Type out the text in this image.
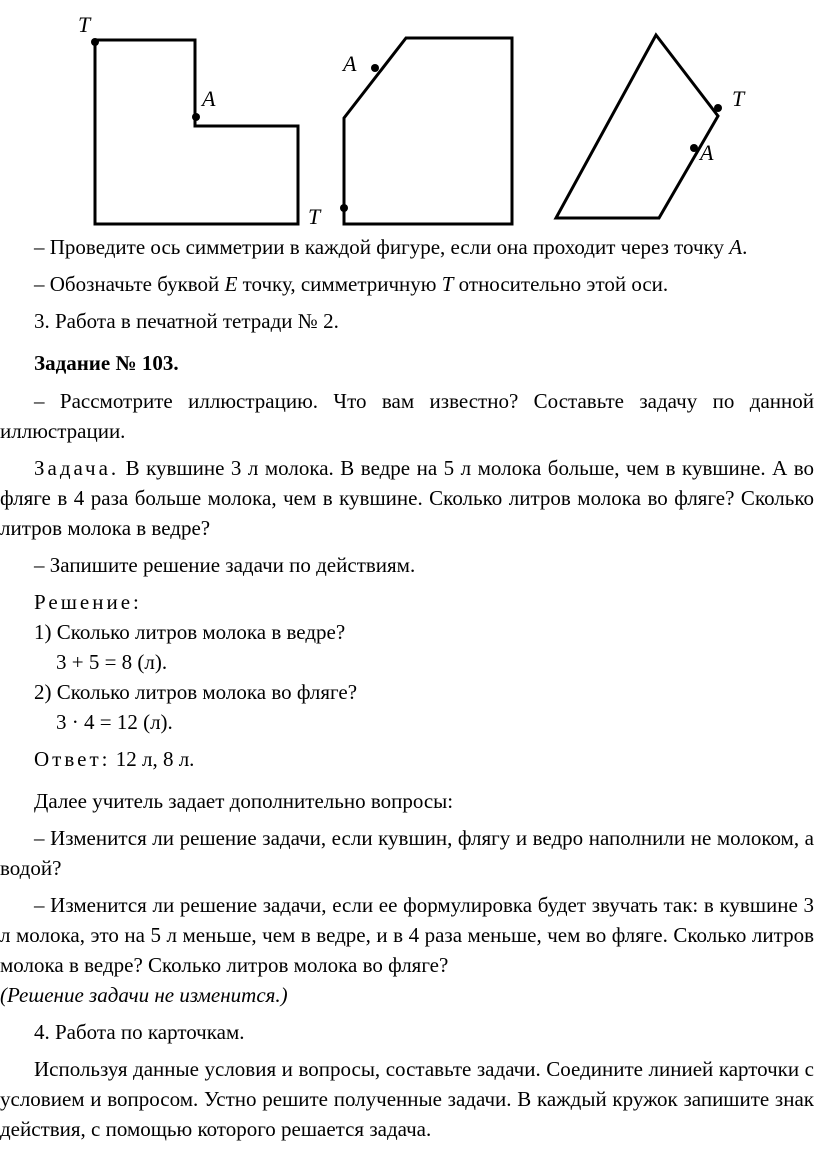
T
A
T
A
T
A

– Проведите ось симметрии в каждой фигуре, если она проходит через точку A.

– Обозначьте буквой E точку, симметричную T относительно этой оси.

3. Работа в печатной тетради № 2.

Задание № 103.

– Рассмотрите иллюстрацию. Что вам известно? Составьте задачу по данной иллюстрации.

Задача. В кувшине 3 л молока. В ведре на 5 л молока больше, чем в кувшине. А во фляге в 4 раза больше молока, чем в кувшине. Сколько литров молока во фляге? Сколько литров молока в ведре?

– Запишите решение задачи по действиям.

Решение:

1) Сколько литров молока в ведре?

3 + 5 = 8 (л).

2) Сколько литров молока во фляге?

3 · 4 = 12 (л).

Ответ: 12 л, 8 л.

Далее учитель задает дополнительно вопросы:

– Изменится ли решение задачи, если кувшин, флягу и ведро наполнили не молоком, а водой?

– Изменится ли решение задачи, если ее формулировка будет звучать так: в кувшине 3 л молока, это на 5 л меньше, чем в ведре, и в 4 раза меньше, чем во фляге. Сколько литров молока в ведре? Сколько литров молока во фляге?
(Решение задачи не изменится.)

4. Работа по карточкам.

Используя данные условия и вопросы, составьте задачи. Соедините линией карточки с условием и вопросом. Устно решите полученные задачи. В каждый кружок запишите знак действия, с помощью которого решается задача.
